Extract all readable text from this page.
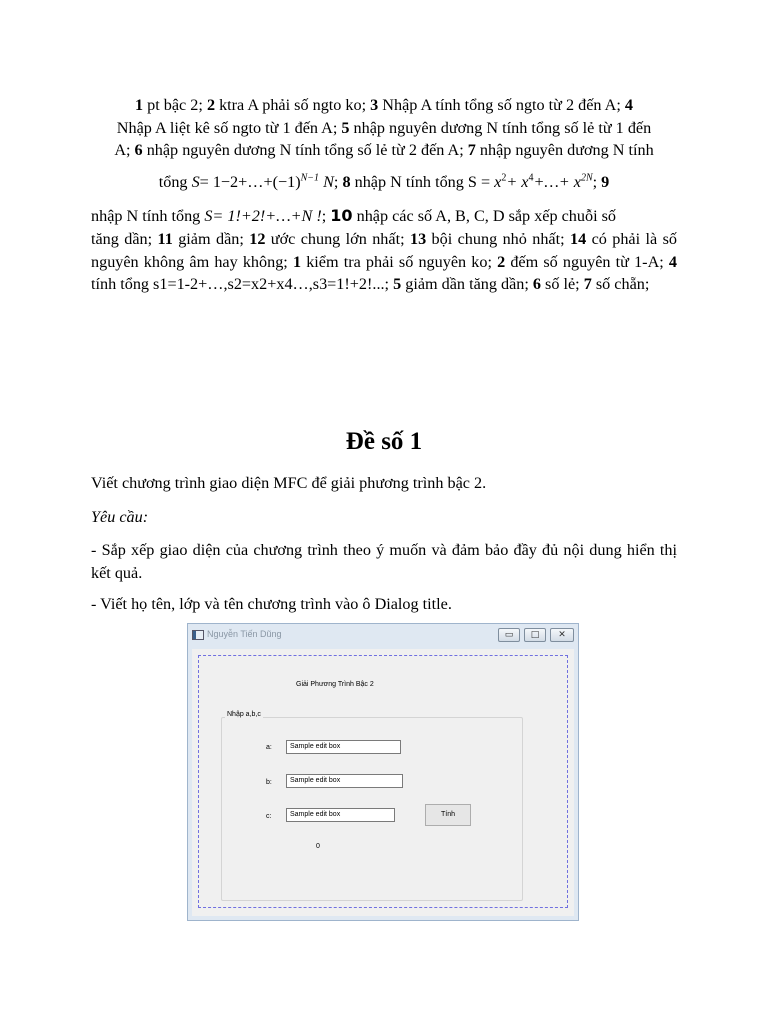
1 pt bậc 2; 2 ktra A phải số ngto ko; 3 Nhập A tính tổng số ngto từ 2 đến A; 4
Nhập A liệt kê số ngto từ 1 đến A; 5 nhập nguyên dương N tính tổng số lẻ từ 1 đến
A; 6 nhập nguyên dương N tính tổng số lẻ từ 2 đến A; 7 nhập nguyên dương N tính
tổng $S= 1-2+\dots+(-1)^{N-1}$ N; 8 nhập N tính tổng $S = x^2+$ $x^4+\dots+ x^{2N}$; 9
nhập N tính tổng S= 1!+2!+…+N !; 10 nhập các số A, B, C, D sắp xếp chuỗi số
tăng dần; 11 giảm dần; 12 ước chung lớn nhất; 13 bội chung nhỏ nhất; 14 có phải là số nguyên không âm hay không; 1 kiểm tra phải số nguyên ko; 2 đếm số nguyên từ 1-A; 4 tính tổng s1=1-2+…,s2=x2+x4…,s3=1!+2!...; 5 giảm dần tăng dần; 6 số lẻ; 7 số chẵn;
Đề số 1
Viết chương trình giao diện MFC để giải phương trình bậc 2.
Yêu cầu:
- Sắp xếp giao diện của chương trình theo ý muốn và đảm bảo đầy đủ nội dung hiển thị kết quả.
- Viết họ tên, lớp và tên chương trình vào ô Dialog title.
Nguyễn Tiến Dũng	▭	□	✕
Giải Phương Trình Bậc 2
Nhập a,b,c
a:	Sample edit box
b:	Sample edit box
c:	Sample edit box	Tính
0
